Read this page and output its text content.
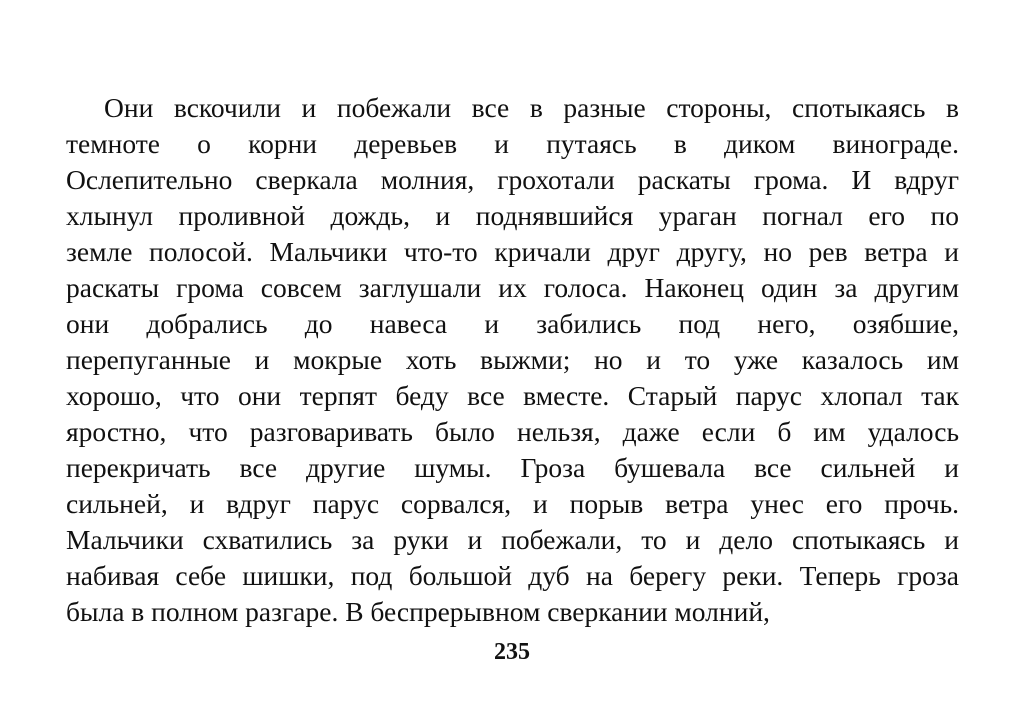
Они вскочили и побежали все в разные стороны, спотыкаясь в
темноте о корни деревьев и путаясь в диком винограде.
Ослепительно сверкала молния, грохотали раскаты грома. И вдруг
хлынул проливной дождь, и поднявшийся ураган погнал его по
земле полосой. Мальчики что-то кричали друг другу, но рев ветра и
раскаты грома совсем заглушали их голоса. Наконец один за другим
они добрались до навеса и забились под него, озябшие,
перепуганные и мокрые хоть выжми; но и то уже казалось им
хорошо, что они терпят беду все вместе. Старый парус хлопал так
яростно, что разговаривать было нельзя, даже если б им удалось
перекричать все другие шумы. Гроза бушевала все сильней и
сильней, и вдруг парус сорвался, и порыв ветра унес его прочь.
Мальчики схватились за руки и побежали, то и дело спотыкаясь и
набивая себе шишки, под большой дуб на берегу реки. Теперь гроза
была в полном разгаре. В беспрерывном сверкании молний,
235
